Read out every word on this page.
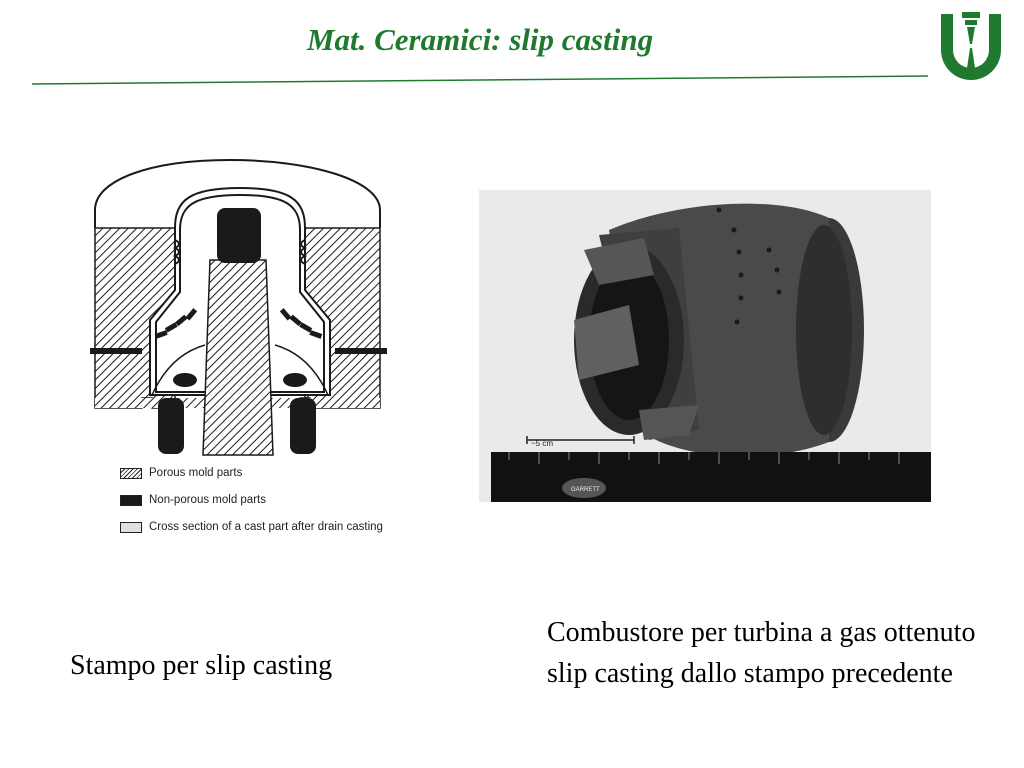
Mat. Ceramici: slip casting
Porous mold parts
Non-porous mold parts
Cross section of a cast part after drain casting
~5 cm
GARRETT
Stampo per slip casting
Combustore per turbina a gas ottenuto slip casting dallo stampo precedente
